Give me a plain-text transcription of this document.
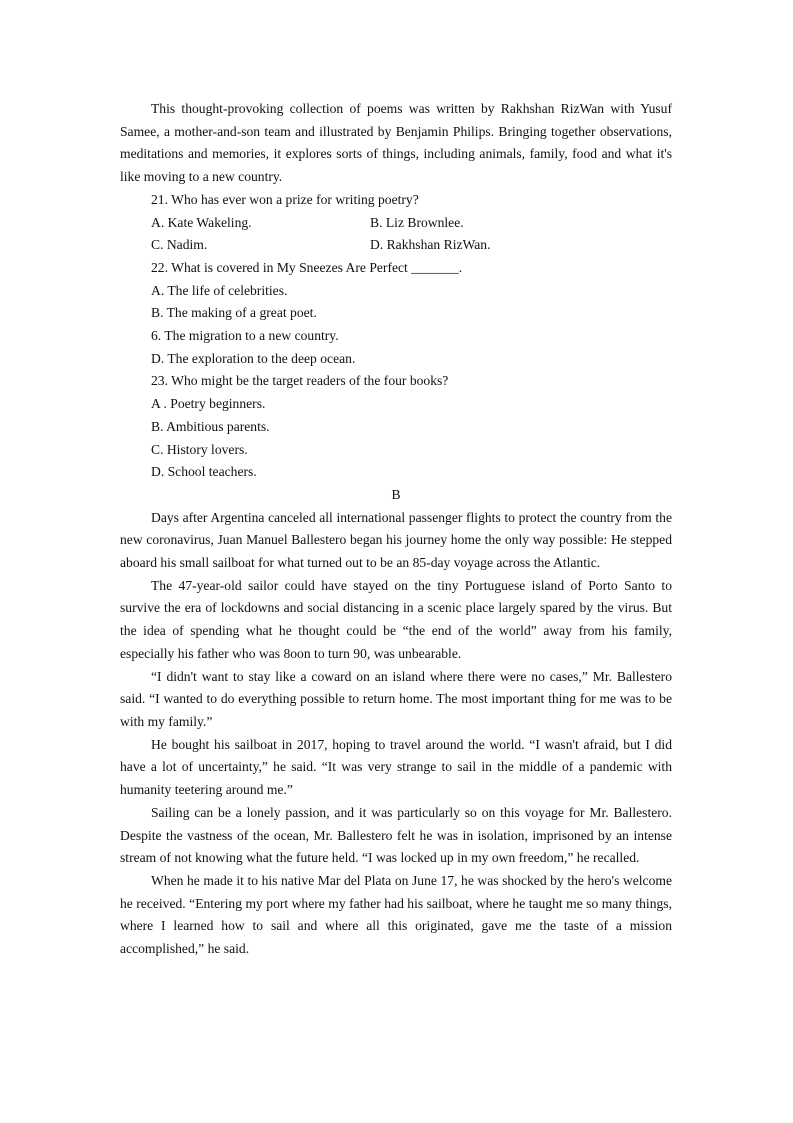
This thought-provoking collection of poems was written by Rakhshan RizWan with Yusuf Samee, a mother-and-son team and illustrated by Benjamin Philips. Bringing together observations, meditations and memories, it explores sorts of things, including animals, family, food and what it's like moving to a new country.

21. Who has ever won a prize for writing poetry?

A. Kate Wakeling.	B. Liz Brownlee.
C. Nadim.	D. Rakhshan RizWan.

22. What is covered in My Sneezes Are Perfect _______.

A. The life of celebrities.

B. The making of a great poet.

6. The migration to a new country.

D. The exploration to the deep ocean.

23. Who might be the target readers of the four books?

A . Poetry beginners.

B. Ambitious parents.

C. History lovers.

D. School teachers.

B

Days after Argentina canceled all international passenger flights to protect the country from the new coronavirus, Juan Manuel Ballestero began his journey home the only way possible: He stepped aboard his small sailboat for what turned out to be an 85-day voyage across the Atlantic.

The 47-year-old sailor could have stayed on the tiny Portuguese island of Porto Santo to survive the era of lockdowns and social distancing in a scenic place largely spared by the virus. But the idea of spending what he thought could be “the end of the world” away from his family, especially his father who was 8oon to turn 90, was unbearable.

“I didn't want to stay like a coward on an island where there were no cases,” Mr. Ballestero said. “I wanted to do everything possible to return home. The most important thing for me was to be with my family.”

He bought his sailboat in 2017, hoping to travel around the world. “I wasn't afraid, but I did have a lot of uncertainty,” he said. “It was very strange to sail in the middle of a pandemic with humanity teetering around me.”

Sailing can be a lonely passion, and it was particularly so on this voyage for Mr. Ballestero. Despite the vastness of the ocean, Mr. Ballestero felt he was in isolation, imprisoned by an intense stream of not knowing what the future held. “I was locked up in my own freedom,” he recalled.

When he made it to his native Mar del Plata on June 17, he was shocked by the hero's welcome he received. “Entering my port where my father had his sailboat, where he taught me so many things, where I learned how to sail and where all this originated, gave me the taste of a mission accomplished,” he said.
